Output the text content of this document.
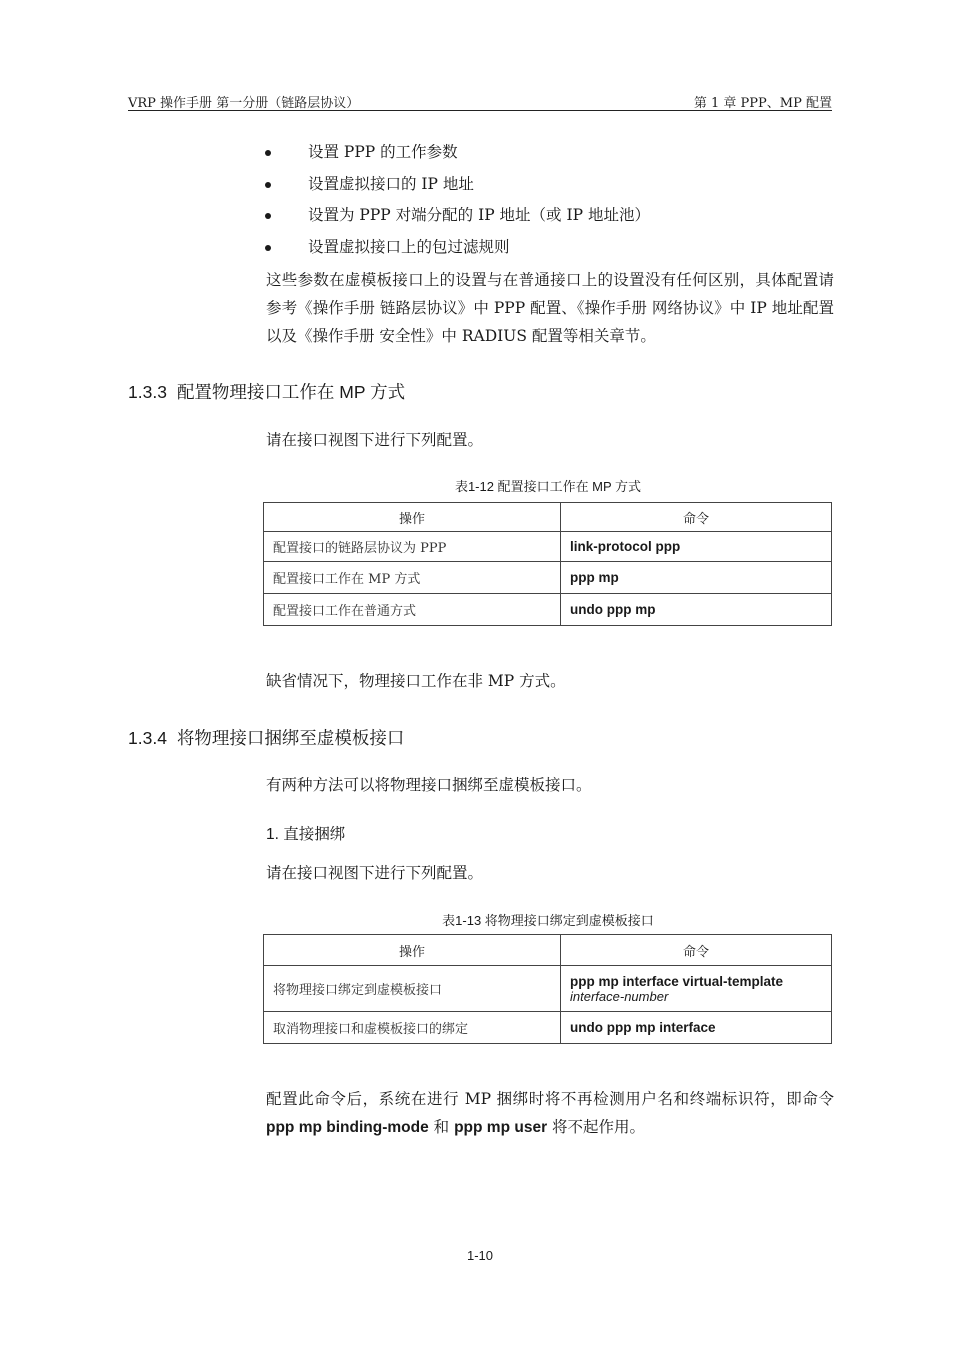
VRP 操作手册 第一分册（链路层协议）	第 1 章 PPP、MP 配置
设置 PPP 的工作参数
设置虚拟接口的 IP 地址
设置为 PPP 对端分配的 IP 地址（或 IP 地址池）
设置虚拟接口上的包过滤规则

这些参数在虚模板接口上的设置与在普通接口上的设置没有任何区别，具体配置请参考《操作手册 链路层协议》中 PPP 配置、《操作手册 网络协议》中 IP 地址配置以及《操作手册 安全性》中 RADIUS 配置等相关章节。

1.3.3 配置物理接口工作在 MP 方式

请在接口视图下进行下列配置。

表1-12 配置接口工作在 MP 方式

操作	命令
配置接口的链路层协议为 PPP	link-protocol ppp
配置接口工作在 MP 方式	ppp mp
配置接口工作在普通方式	undo ppp mp

缺省情况下，物理接口工作在非 MP 方式。

1.3.4 将物理接口捆绑至虚模板接口

有两种方法可以将物理接口捆绑至虚模板接口。

1. 直接捆绑

请在接口视图下进行下列配置。

表1-13 将物理接口绑定到虚模板接口

操作	命令
将物理接口绑定到虚模板接口	ppp mp interface virtual-template
interface-number

取消物理接口和虚模板接口的绑定	undo ppp mp interface

配置此命令后，系统在进行 MP 捆绑时将不再检测用户名和终端标识符，即命令 ppp mp binding-mode 和 ppp mp user 将不起作用。

1-10
